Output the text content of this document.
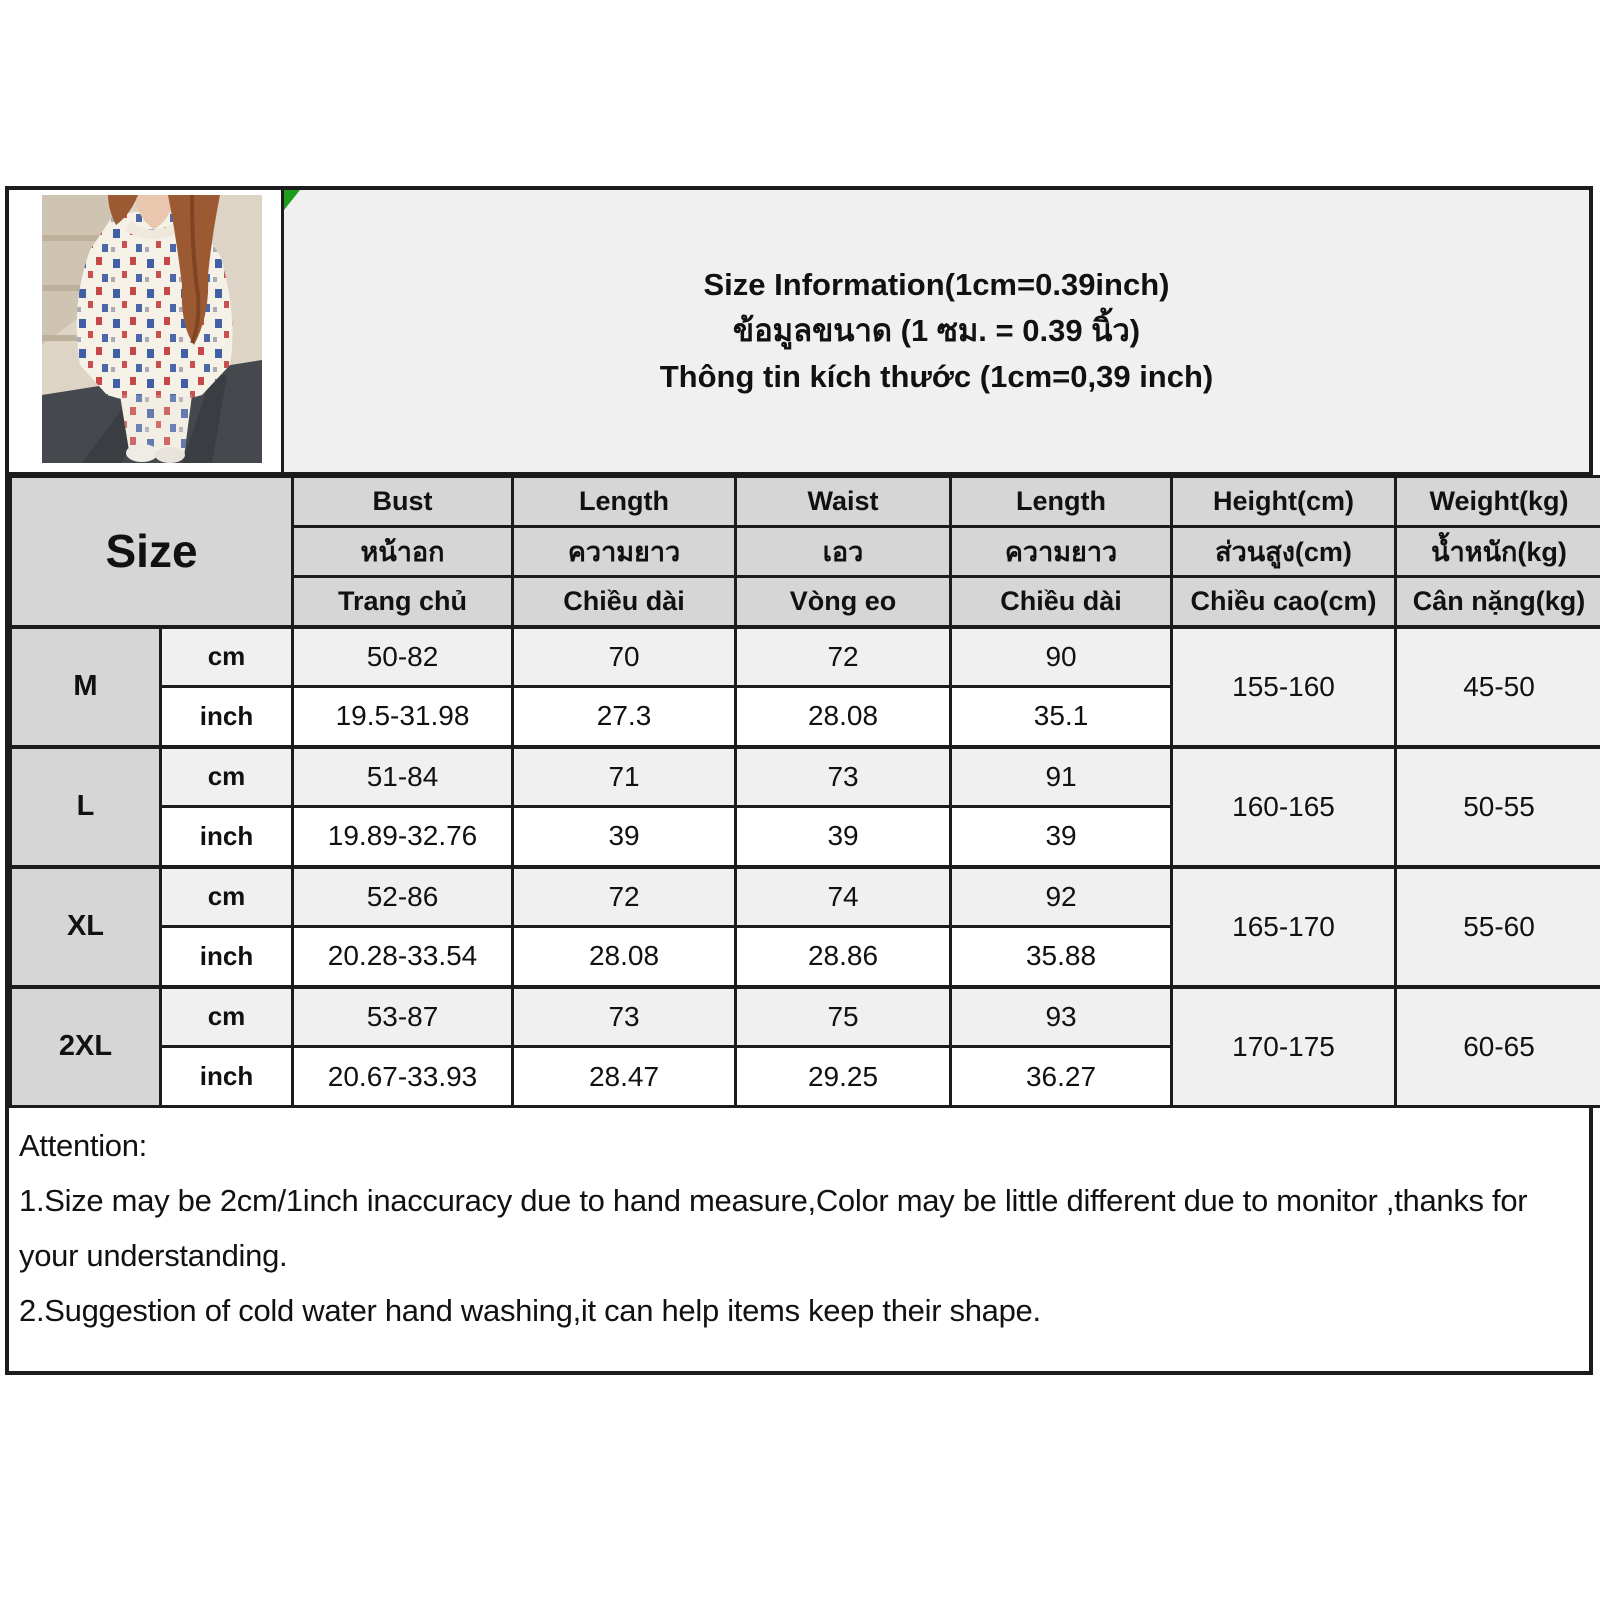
Size Information(1cm=0.39inch)
ข้อมูลขนาด (1 ซม. = 0.39 นิ้ว)
Thông tin kích thước (1cm=0,39 inch)
Size		Bust	Length	Waist	Length	Height(cm)	Weight(kg)
		หน้าอก	ความยาว	เอว	ความยาว	ส่วนสูง(cm)	น้ำหนัก(kg)
		Trang chủ	Chiều dài	Vòng eo	Chiều dài	Chiều cao(cm)	Cân nặng(kg)
M	cm	50-82	70	72	90	155-160	45-50
	inch	19.5-31.98	27.3	28.08	35.1		
L	cm	51-84	71	73	91	160-165	50-55
	inch	19.89-32.76	39	39	39		
XL	cm	52-86	72	74	92	165-170	55-60
	inch	20.28-33.54	28.08	28.86	35.88		
2XL	cm	53-87	73	75	93	170-175	60-65
	inch	20.67-33.93	28.47	29.25	36.27		
Attention:
1.Size may be 2cm/1inch inaccuracy due to hand measure,Color may be little different due to monitor ,thanks for your understanding.
2.Suggestion of cold water hand washing,it can help items keep their shape.
